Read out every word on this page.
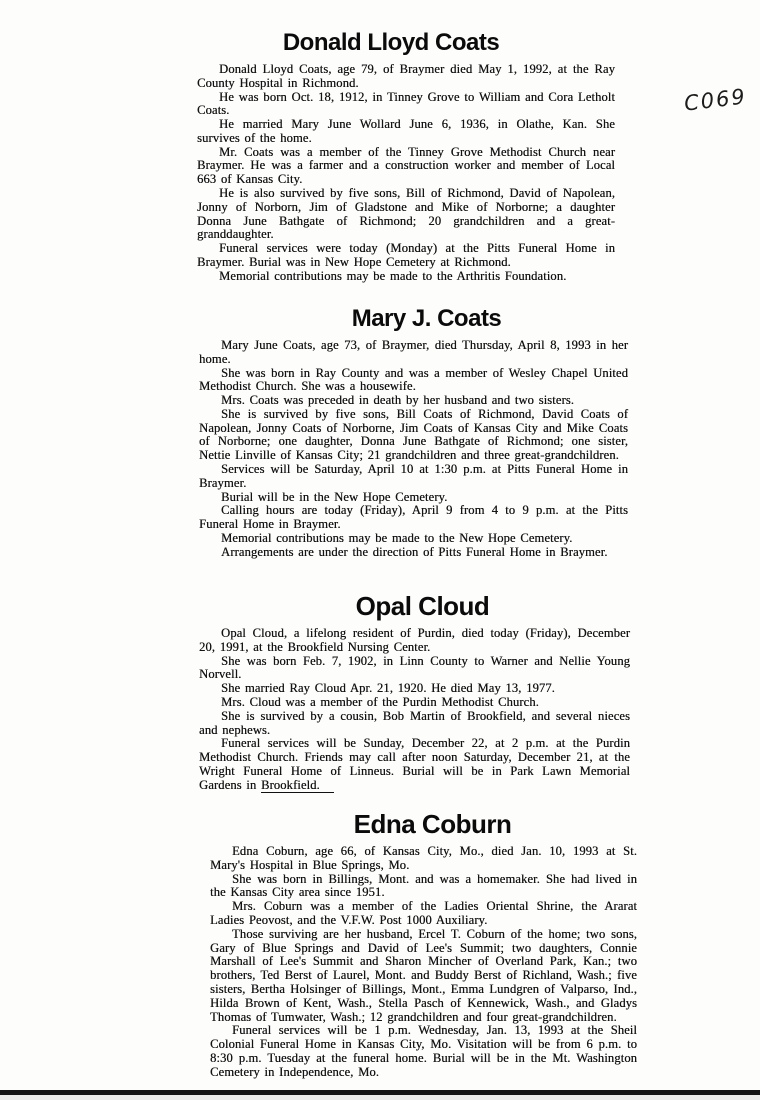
Donald Lloyd Coats

Donald Lloyd Coats, age 79, of Braymer died May 1, 1992, at the Ray County Hospital in Richmond.

He was born Oct. 18, 1912, in Tinney Grove to William and Cora Letholt Coats.

He married Mary June Wollard June 6, 1936, in Olathe, Kan. She survives of the home.

Mr. Coats was a member of the Tinney Grove Methodist Church near Braymer. He was a farmer and a construction worker and member of Local 663 of Kansas City.

He is also survived by five sons, Bill of Richmond, David of Napolean, Jonny of Norborn, Jim of Gladstone and Mike of Norborne; a daughter Donna June Bathgate of Richmond; 20 grandchildren and a great-granddaughter.

Funeral services were today (Monday) at the Pitts Funeral Home in Braymer. Burial was in New Hope Cemetery at Richmond.

Memorial contributions may be made to the Arthritis Foundation.

Mary J. Coats

Mary June Coats, age 73, of Braymer, died Thursday, April 8, 1993 in her home.

She was born in Ray County and was a member of Wesley Chapel United Methodist Church. She was a housewife.

Mrs. Coats was preceded in death by her husband and two sisters.

She is survived by five sons, Bill Coats of Richmond, David Coats of Napolean, Jonny Coats of Norborne, Jim Coats of Kansas City and Mike Coats of Norborne; one daughter, Donna June Bathgate of Richmond; one sister, Nettie Linville of Kansas City; 21 grandchildren and three great-grandchildren.

Services will be Saturday, April 10 at 1:30 p.m. at Pitts Funeral Home in Braymer.

Burial will be in the New Hope Cemetery.

Calling hours are today (Friday), April 9 from 4 to 9 p.m. at the Pitts Funeral Home in Braymer.

Memorial contributions may be made to the New Hope Cemetery.

Arrangements are under the direction of Pitts Funeral Home in Braymer.

Opal Cloud

Opal Cloud, a lifelong resident of Purdin, died today (Friday), December 20, 1991, at the Brookfield Nursing Center.

She was born Feb. 7, 1902, in Linn County to Warner and Nellie Young Norvell.

She married Ray Cloud Apr. 21, 1920. He died May 13, 1977.

Mrs. Cloud was a member of the Purdin Methodist Church.

She is survived by a cousin, Bob Martin of Brookfield, and several nieces and nephews.

Funeral services will be Sunday, December 22, at 2 p.m. at the Purdin Methodist Church. Friends may call after noon Saturday, December 21, at the Wright Funeral Home of Linneus. Burial will be in Park Lawn Memorial Gardens in Brookfield.

Edna Coburn

Edna Coburn, age 66, of Kansas City, Mo., died Jan. 10, 1993 at St. Mary's Hospital in Blue Springs, Mo.

She was born in Billings, Mont. and was a homemaker. She had lived in the Kansas City area since 1951.

Mrs. Coburn was a member of the Ladies Oriental Shrine, the Ararat Ladies Peovost, and the V.F.W. Post 1000 Auxiliary.

Those surviving are her husband, Ercel T. Coburn of the home; two sons, Gary of Blue Springs and David of Lee's Summit; two daughters, Connie Marshall of Lee's Summit and Sharon Mincher of Overland Park, Kan.; two brothers, Ted Berst of Laurel, Mont. and Buddy Berst of Richland, Wash.; five sisters, Bertha Holsinger of Billings, Mont., Emma Lundgren of Valparso, Ind., Hilda Brown of Kent, Wash., Stella Pasch of Kennewick, Wash., and Gladys Thomas of Tumwater, Wash.; 12 grandchildren and four great-grandchildren.

Funeral services will be 1 p.m. Wednesday, Jan. 13, 1993 at the Sheil Colonial Funeral Home in Kansas City, Mo. Visitation will be from 6 p.m. to 8:30 p.m. Tuesday at the funeral home. Burial will be in the Mt. Washington Cemetery in Independence, Mo.

C069
